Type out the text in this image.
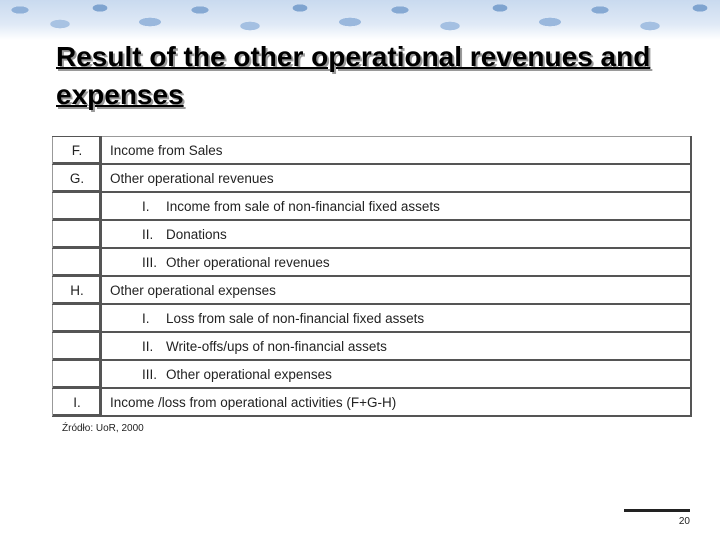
Result of the other operational revenues and expenses
F.	Income from Sales
G.	Other operational revenues
	I. Income from sale of non-financial fixed assets
	II. Donations
	III. Other operational revenues
H.	Other operational expenses
	I. Loss from sale of non-financial fixed assets
	II. Write-offs/ups of non-financial assets
	III. Other operational expenses
I.	Income /loss from operational activities (F+G-H)
Źródło: UoR, 2000
20
